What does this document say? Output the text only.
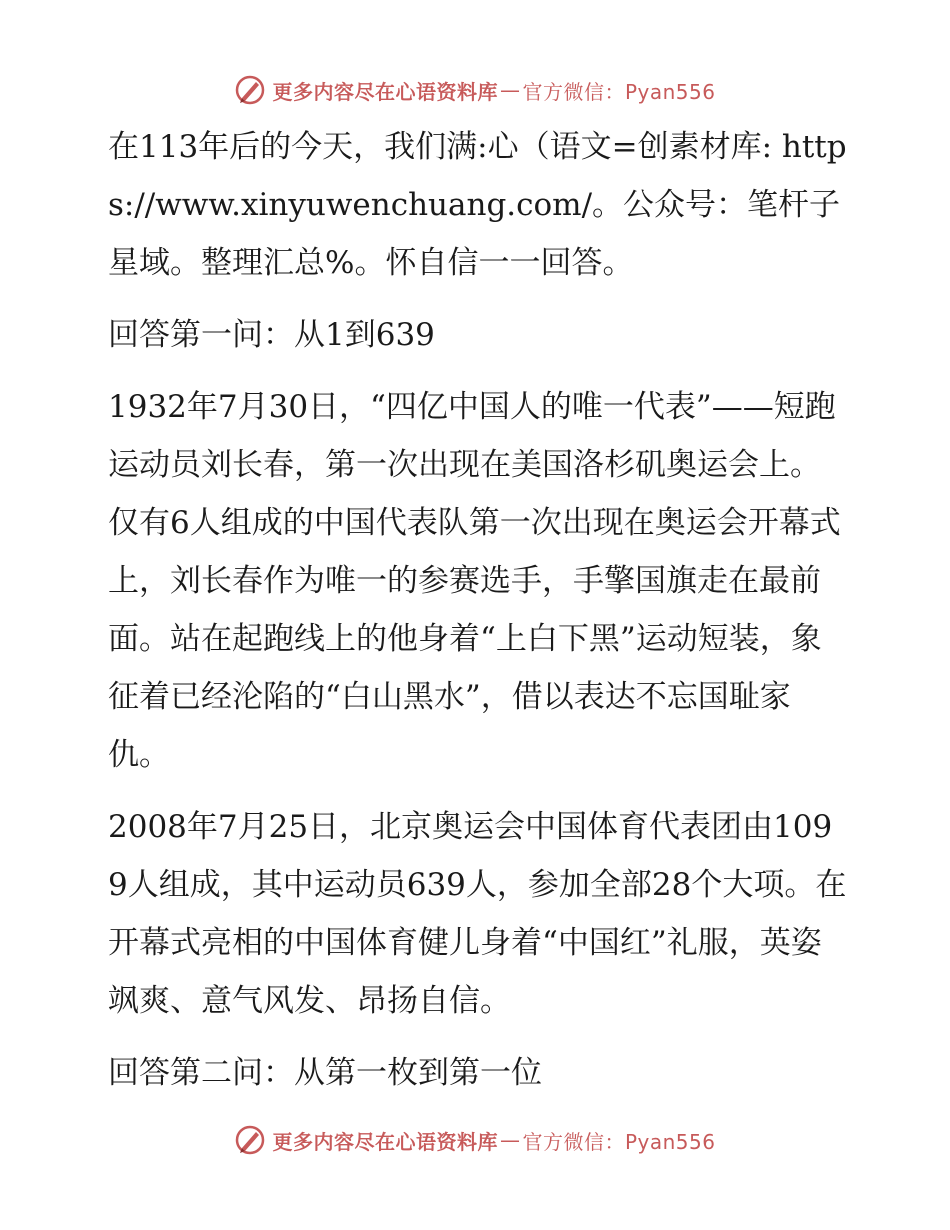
更多内容尽在心语资料库 — 官方微信：Pyan556

在113年后的今天，我们满:心（语文=创素材库: https://www.xinyuwenchuang.com/。公众号：笔杆子星域。整理汇总%。怀自信一一回答。

回答第一问：从1到639

1932年7月30日，“四亿中国人的唯一代表”——短跑运动员刘长春，第一次出现在美国洛杉矶奥运会上。仅有6人组成的中国代表队第一次出现在奥运会开幕式上，刘长春作为唯一的参赛选手，手擎国旗走在最前面。站在起跑线上的他身着“上白下黑”运动短装，象征着已经沦陷的“白山黑水”，借以表达不忘国耻家仇。

2008年7月25日，北京奥运会中国体育代表团由1099人组成，其中运动员639人，参加全部28个大项。在开幕式亮相的中国体育健儿身着“中国红”礼服，英姿飒爽、意气风发、昂扬自信。

回答第二问：从第一枚到第一位

更多内容尽在心语资料库 — 官方微信：Pyan556
